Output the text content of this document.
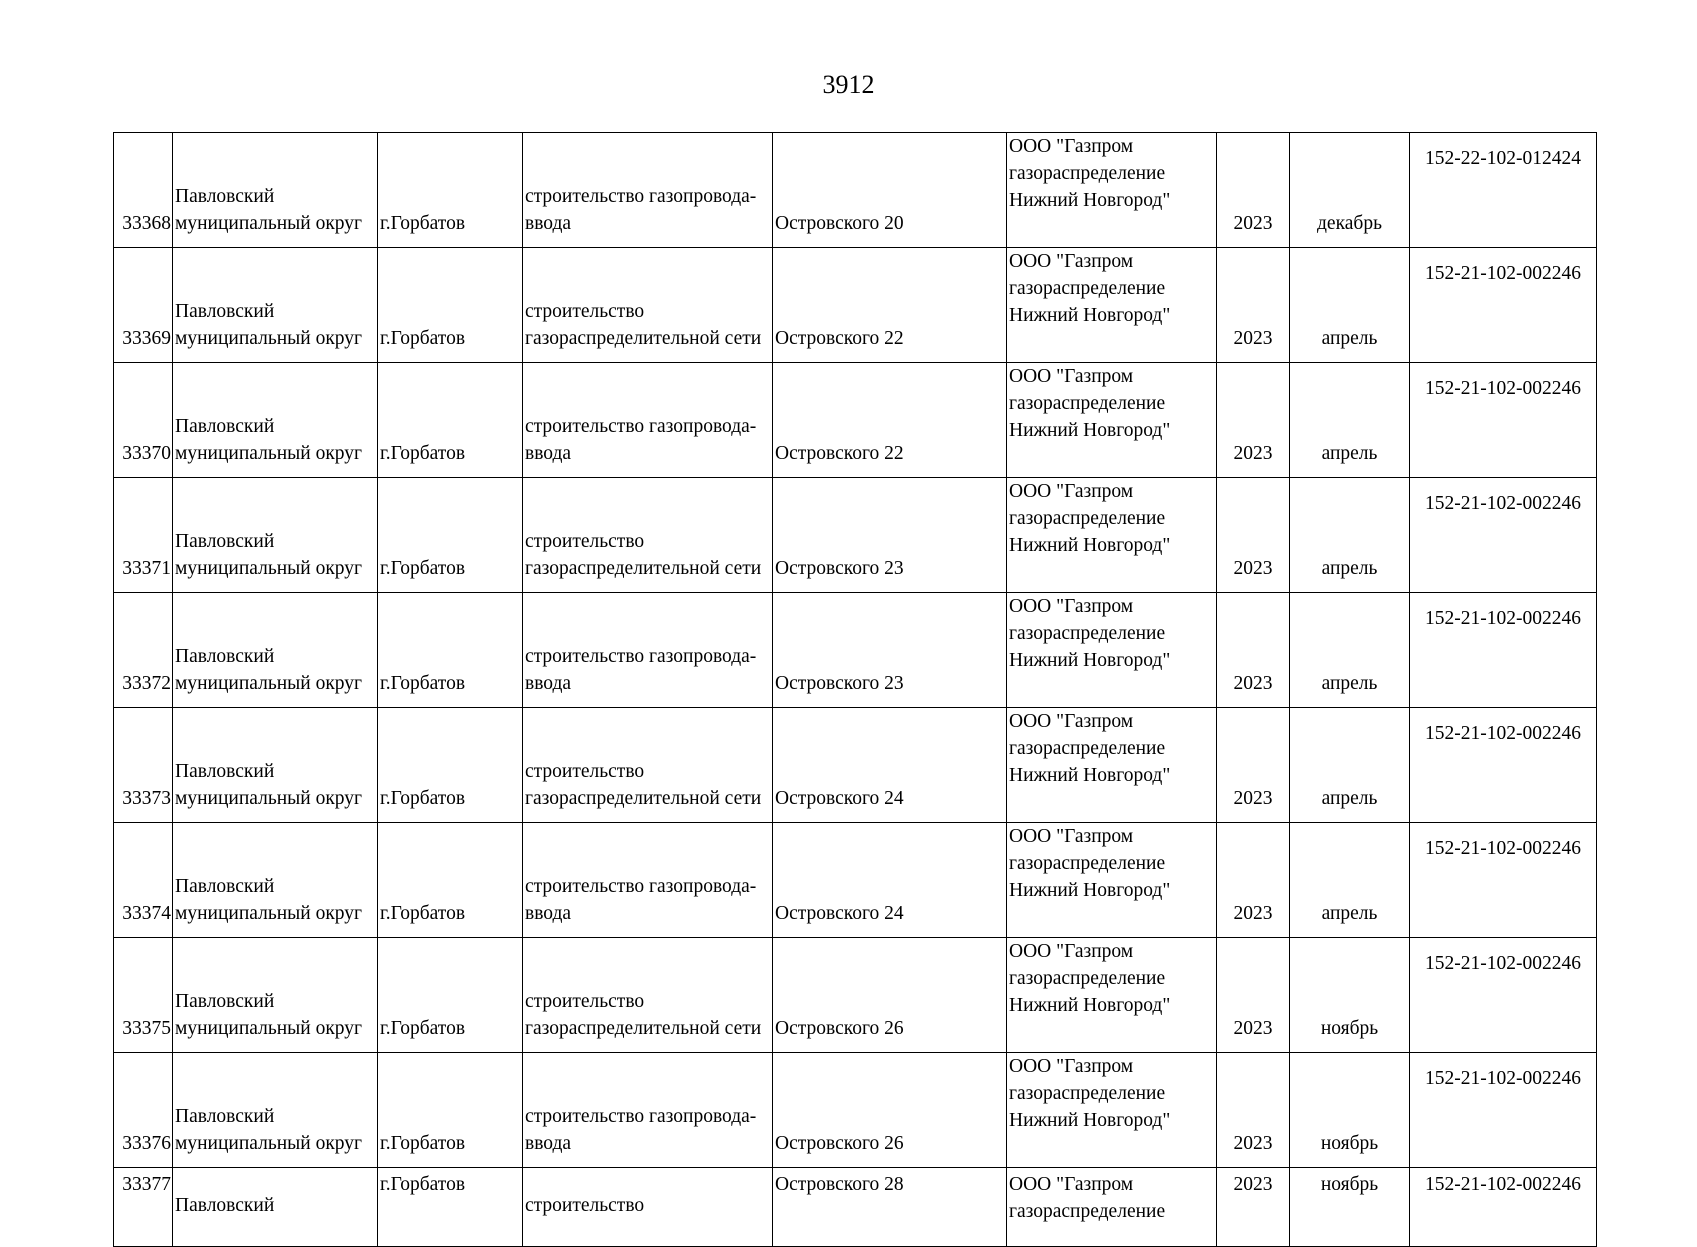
3912
33368	Павловский
муниципальный округ	г.Горбатов	строительство газопровода-
ввода	Островского 20	ООО "Газпром
газораспределение
Нижний Новгород"	2023	декабрь	152-22-102-012424

33369	Павловский
муниципальный округ	г.Горбатов	строительство
газораспределительной сети	Островского 22	ООО "Газпром
газораспределение
Нижний Новгород"	2023	апрель	152-21-102-002246

33370	Павловский
муниципальный округ	г.Горбатов	строительство газопровода-
ввода	Островского 22	ООО "Газпром
газораспределение
Нижний Новгород"	2023	апрель	152-21-102-002246

33371	Павловский
муниципальный округ	г.Горбатов	строительство
газораспределительной сети	Островского 23	ООО "Газпром
газораспределение
Нижний Новгород"	2023	апрель	152-21-102-002246

33372	Павловский
муниципальный округ	г.Горбатов	строительство газопровода-
ввода	Островского 23	ООО "Газпром
газораспределение
Нижний Новгород"	2023	апрель	152-21-102-002246

33373	Павловский
муниципальный округ	г.Горбатов	строительство
газораспределительной сети	Островского 24	ООО "Газпром
газораспределение
Нижний Новгород"	2023	апрель	152-21-102-002246

33374	Павловский
муниципальный округ	г.Горбатов	строительство газопровода-
ввода	Островского 24	ООО "Газпром
газораспределение
Нижний Новгород"	2023	апрель	152-21-102-002246

33375	Павловский
муниципальный округ	г.Горбатов	строительство
газораспределительной сети	Островского 26	ООО "Газпром
газораспределение
Нижний Новгород"	2023	ноябрь	152-21-102-002246

33376	Павловский
муниципальный округ	г.Горбатов	строительство газопровода-
ввода	Островского 26	ООО "Газпром
газораспределение
Нижний Новгород"	2023	ноябрь	152-21-102-002246

33377	Павловский	г.Горбатов	строительство	Островского 28	ООО "Газпром
газораспределение	2023	ноябрь	152-21-102-002246
